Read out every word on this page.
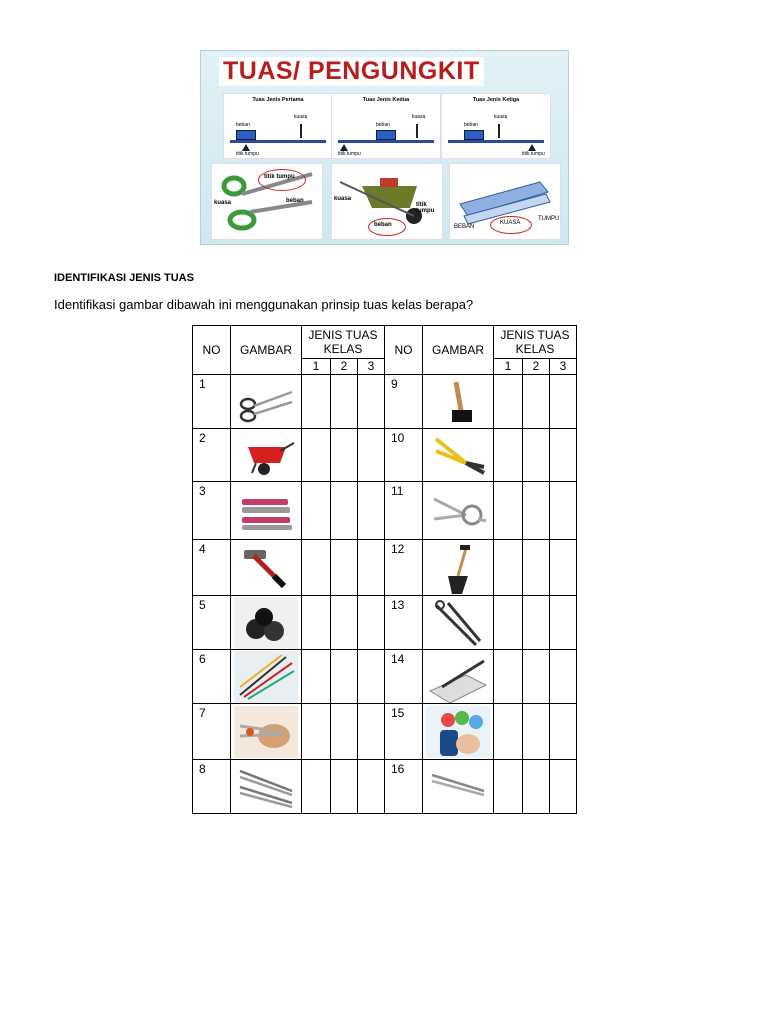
TUAS/ PENGUNGKIT
Tuas Jenis Pertama
beban
kuasa
titik tumpu
Tuas Jenis Kedua
beban
kuasa
titik tumpu
Tuas Jenis Ketiga
beban
kuasa
titik tumpu
titik tumpu
kuasa	beban	kuasa
titik tumpu
beban	BEBAN
KUASA
TUMPU
IDENTIFIKASI JENIS TUAS
Identifikasi gambar dibawah ini menggunakan prinsip tuas kelas berapa?
NO	GAMBAR	JENIS TUAS KELAS			NO	GAMBAR	JENIS TUAS KELAS		
		1	2	3			1	2	3
1					9	

2					10	

3					11	

4					12	

5					13	

6					14	

7					15	

8					16	
